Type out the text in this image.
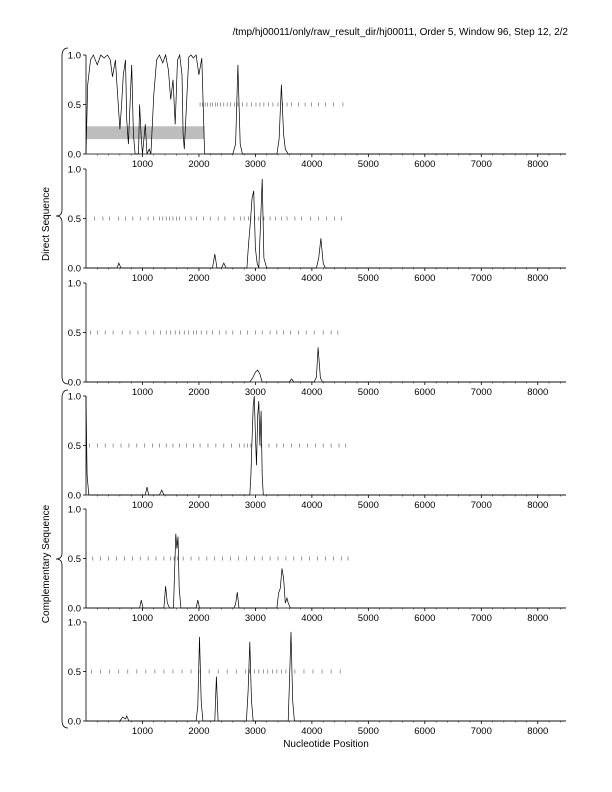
/tmp/hj00011/only/raw_result_dir/hj00011, Order 5, Window 96, Step 12, 2/2
0.0
0.5
1.0
1000	2000	3000	4000	5000	6000	7000	8000
0.0
0.5
1.0
1000	2000	3000	4000	5000	6000	7000	8000
0.0
0.5
1.0
1000	2000	3000	4000	5000	6000	7000	8000
0.0
0.5
1.0
1000	2000	3000	4000	5000	6000	7000	8000
0.0
0.5
1.0
1000	2000	3000	4000	5000	6000	7000	8000
0.0
0.5
1.0
1000	2000	3000	4000	5000	6000	7000	8000
Direct Sequence
Complementary Sequence
Nucleotide Position
